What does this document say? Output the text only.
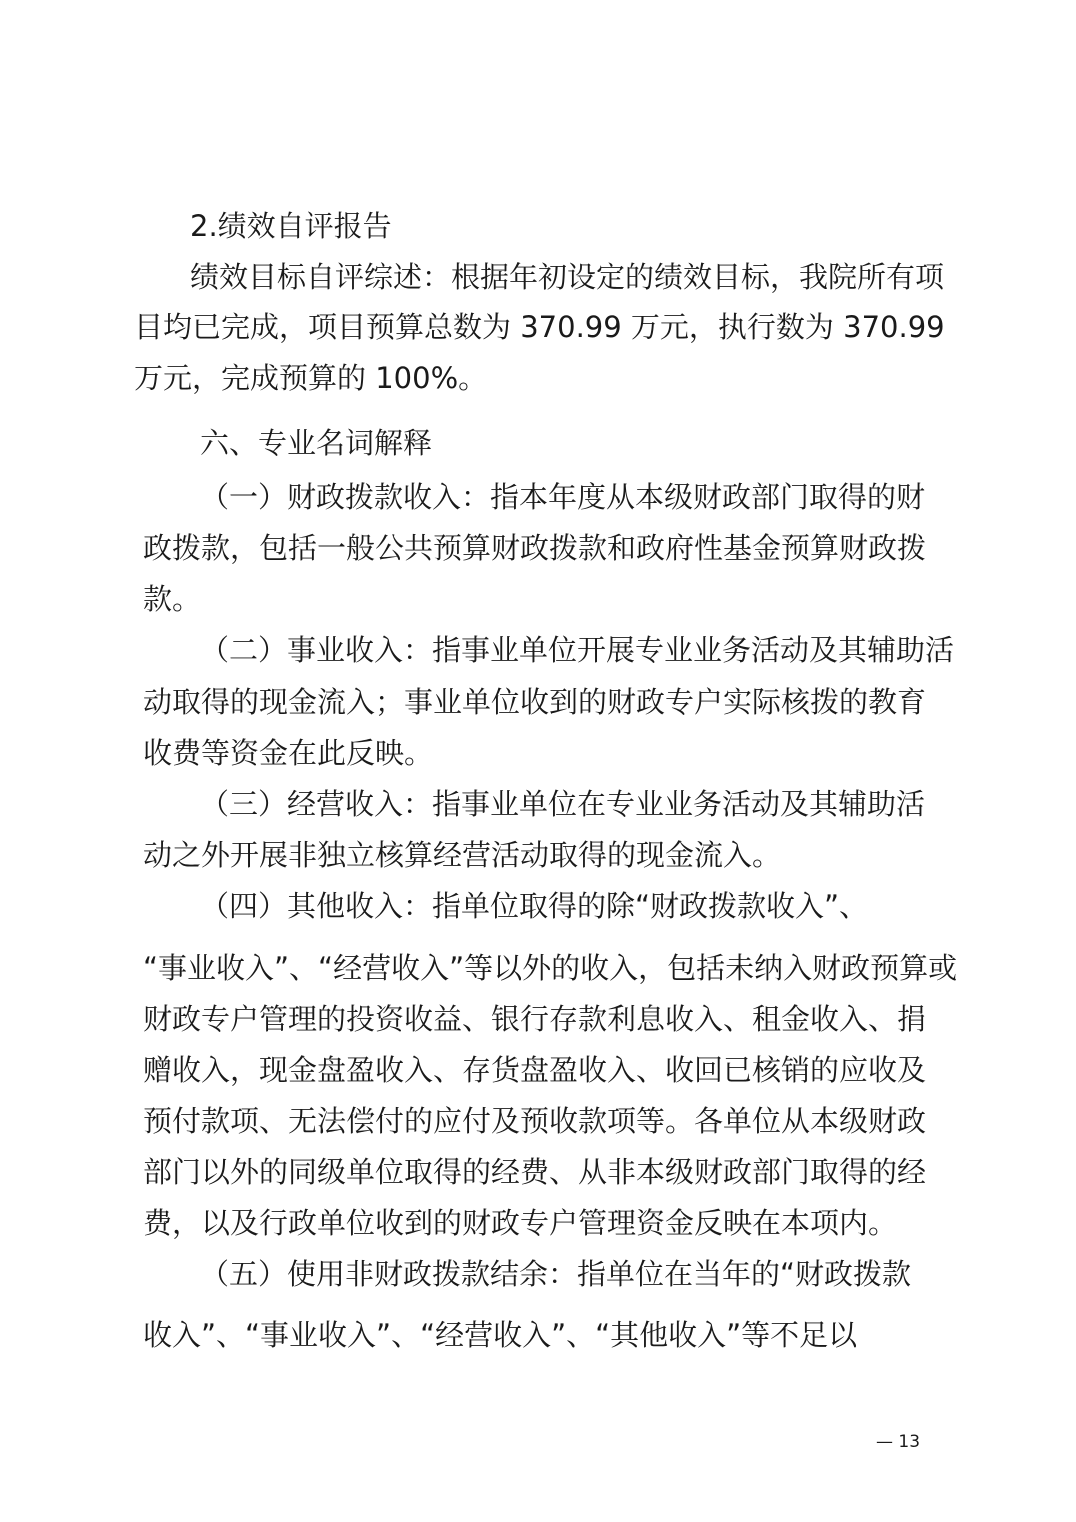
2.绩效自评报告
绩效目标自评综述：根据年初设定的绩效目标，我院所有项
目均已完成，项目预算总数为 370.99 万元，执行数为 370.99
万元，完成预算的 100%。
六、专业名词解释
（一）财政拨款收入：指本年度从本级财政部门取得的财
政拨款，包括一般公共预算财政拨款和政府性基金预算财政拨
款。
（二）事业收入：指事业单位开展专业业务活动及其辅助活
动取得的现金流入；事业单位收到的财政专户实际核拨的教育
收费等资金在此反映。
（三）经营收入：指事业单位在专业业务活动及其辅助活
动之外开展非独立核算经营活动取得的现金流入。
（四）其他收入：指单位取得的除“财政拨款收入”、
“事业收入”、“经营收入”等以外的收入，包括未纳入财政预算或
财政专户管理的投资收益、银行存款利息收入、租金收入、捐
赠收入，现金盘盈收入、存货盘盈收入、收回已核销的应收及
预付款项、无法偿付的应付及预收款项等。各单位从本级财政
部门以外的同级单位取得的经费、从非本级财政部门取得的经
费，以及行政单位收到的财政专户管理资金反映在本项内。
（五）使用非财政拨款结余：指单位在当年的“财政拨款
收入”、“事业收入”、“经营收入”、“其他收入”等不足以
— 13
